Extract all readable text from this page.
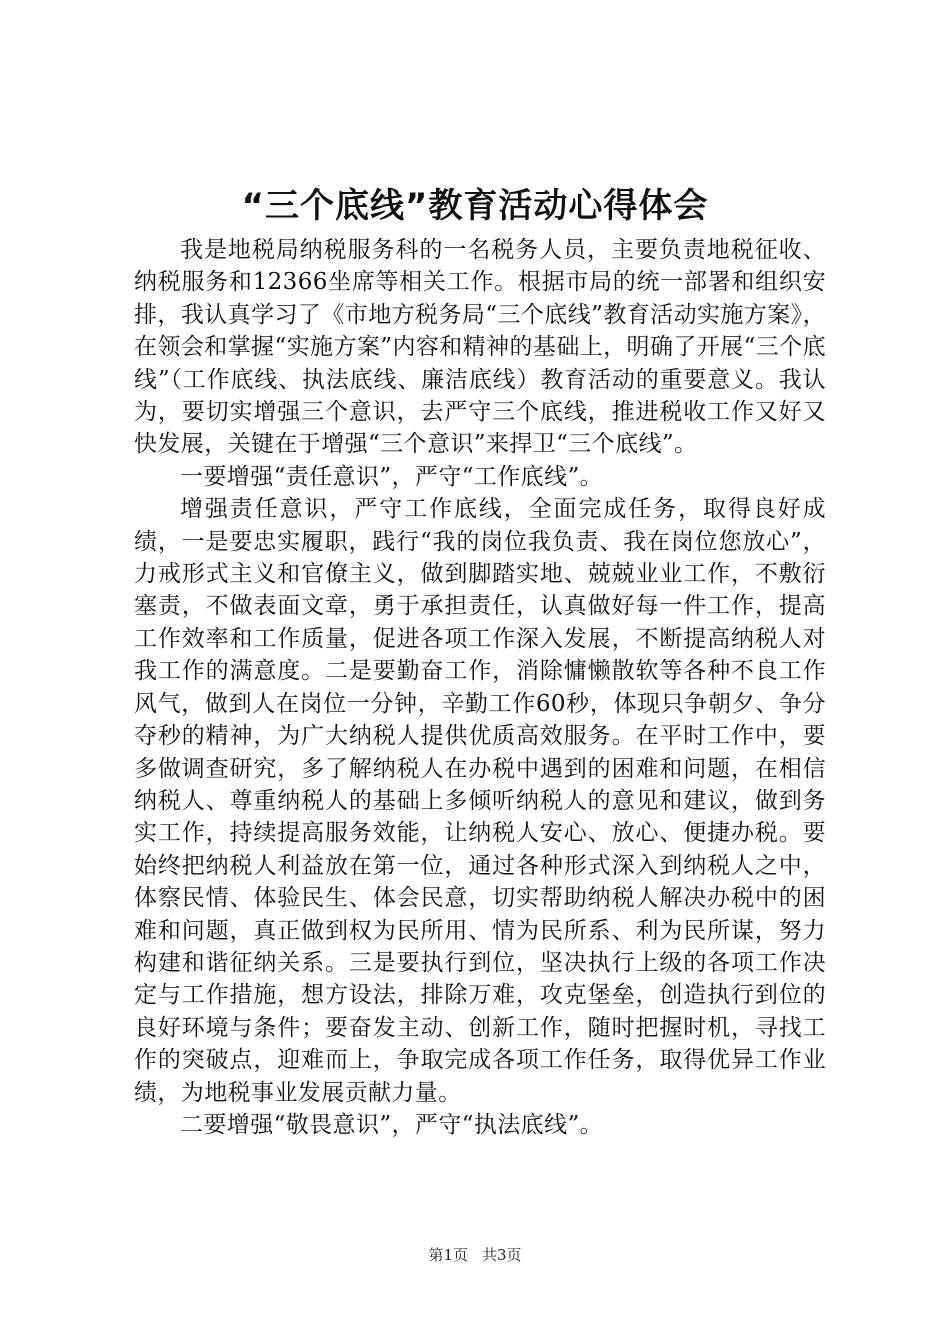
“三个底线”教育活动心得体会

我是地税局纳税服务科的一名税务人员，主要负责地税征收、纳税服务和12366坐席等相关工作。根据市局的统一部署和组织安排，我认真学习了《市地方税务局“三个底线”教育活动实施方案》，在领会和掌握“实施方案”内容和精神的基础上，明确了开展“三个底线”（工作底线、执法底线、廉洁底线）教育活动的重要意义。我认为，要切实增强三个意识，去严守三个底线，推进税收工作又好又快发展，关键在于增强“三个意识”来捍卫“三个底线”。

一要增强“责任意识”，严守“工作底线”。

增强责任意识，严守工作底线，全面完成任务，取得良好成绩，一是要忠实履职，践行“我的岗位我负责、我在岗位您放心”，力戒形式主义和官僚主义，做到脚踏实地、兢兢业业工作，不敷衍塞责，不做表面文章，勇于承担责任，认真做好每一件工作，提高工作效率和工作质量，促进各项工作深入发展，不断提高纳税人对我工作的满意度。二是要勤奋工作，消除慵懒散软等各种不良工作风气，做到人在岗位一分钟，辛勤工作60秒，体现只争朝夕、争分夺秒的精神，为广大纳税人提供优质高效服务。在平时工作中，要多做调查研究，多了解纳税人在办税中遇到的困难和问题，在相信纳税人、尊重纳税人的基础上多倾听纳税人的意见和建议，做到务实工作，持续提高服务效能，让纳税人安心、放心、便捷办税。要始终把纳税人利益放在第一位，通过各种形式深入到纳税人之中，体察民情、体验民生、体会民意，切实帮助纳税人解决办税中的困难和问题，真正做到权为民所用、情为民所系、利为民所谋，努力构建和谐征纳关系。三是要执行到位，坚决执行上级的各项工作决定与工作措施，想方设法，排除万难，攻克堡垒，创造执行到位的良好环境与条件；要奋发主动、创新工作，随时把握时机，寻找工作的突破点，迎难而上，争取完成各项工作任务，取得优异工作业绩，为地税事业发展贡献力量。

二要增强“敬畏意识”，严守“执法底线”。

第1页 共3页
